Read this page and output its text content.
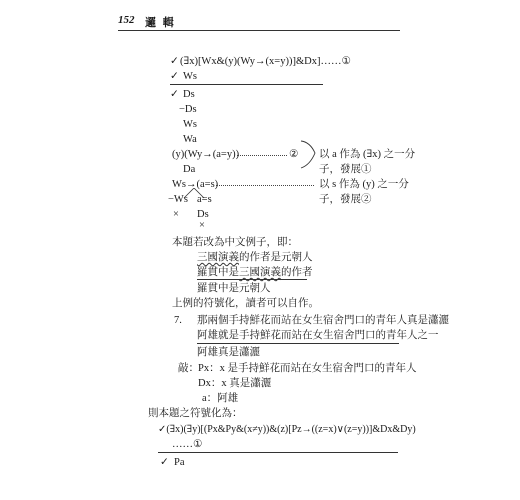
152 邏 輯
✓ (∃x)[Wx&(y)(Wy→(x=y))]&Dx]……①
✓ Ws
✓ Ds
−Ds
Ws
Wa
(y)(Wy→(a=y))	②
Da
以 a 作為 (∃x) 之一分
子，發展①
Ws→(a=s)	以 s 作為 (y) 之一分
子，發展②
−Ws a=s
× Ds
×
本題若改為中文例子，即：
三國演義的作者是元朝人
羅貫中是三國演義的作者
羅貫中是元朝人
上例的符號化，讀者可以自作。
7. 那兩個手持鮮花而站在女生宿舍門口的青年人真是瀟灑
阿雄就是手持鮮花而站在女生宿舍門口的青年人之一
阿雄真是瀟灑
敲： Px：x 是手持鮮花而站在女生宿舍門口的青年人
Dx：x 真是瀟灑
a：阿雄
則本題之符號化為：
✓(∃x)(∃y)[(Px&Py&(x≠y))&(z)[Pz→((z=x)∨(z=y))]&Dx&Dy)
……①
✓ Pa
